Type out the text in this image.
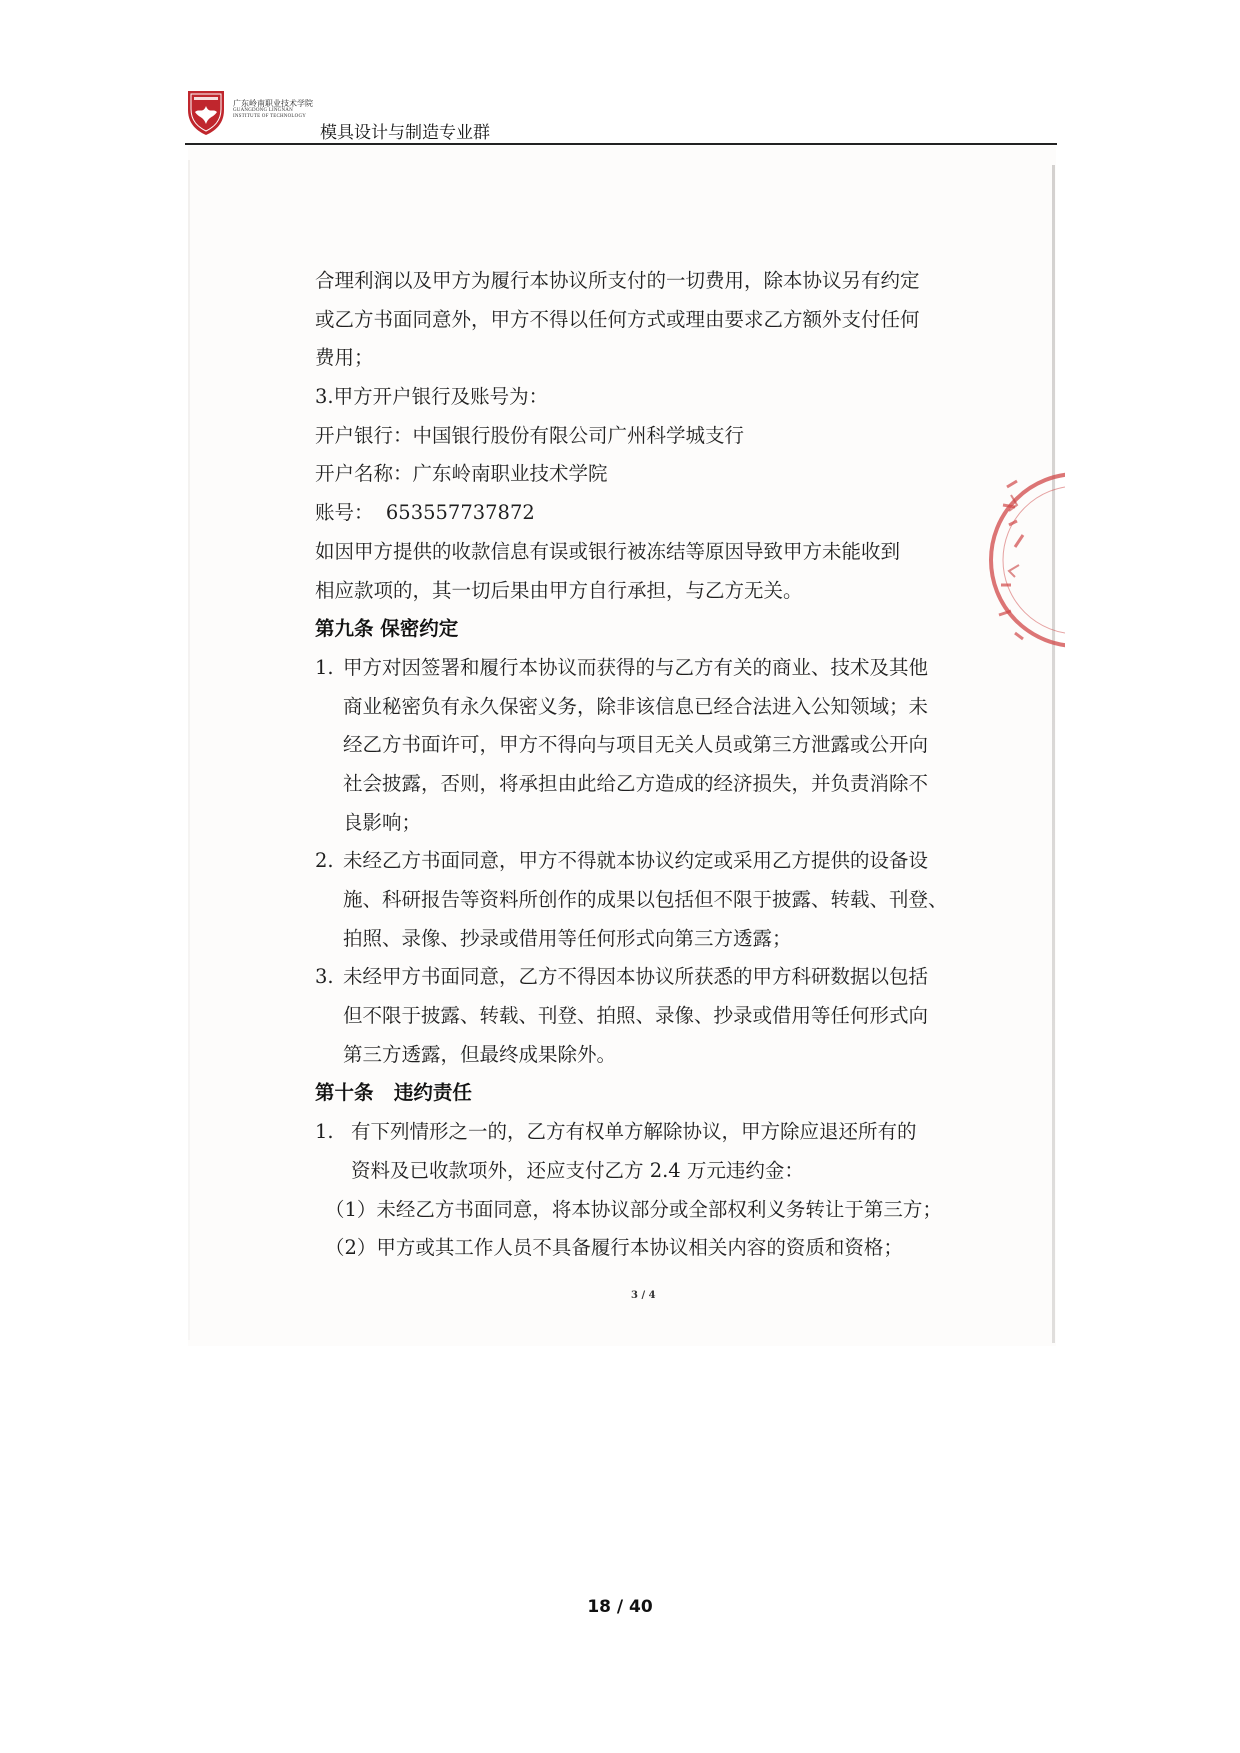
广东岭南职业技术学院
GUANGDONG LINGNAN
INSTITUTE OF TECHNOLOGY
模具设计与制造专业群
合理利润以及甲方为履行本协议所支付的一切费用，除本协议另有约定
或乙方书面同意外，甲方不得以任何方式或理由要求乙方额外支付任何
费用；
3.甲方开户银行及账号为：
开户银行：中国银行股份有限公司广州科学城支行
开户名称：广东岭南职业技术学院
账号：  653557737872
如因甲方提供的收款信息有误或银行被冻结等原因导致甲方未能收到
相应款项的，其一切后果由甲方自行承担，与乙方无关。
第九条 保密约定
1. 甲方对因签署和履行本协议而获得的与乙方有关的商业、技术及其他
商业秘密负有永久保密义务，除非该信息已经合法进入公知领域；未
经乙方书面许可，甲方不得向与项目无关人员或第三方泄露或公开向
社会披露，否则，将承担由此给乙方造成的经济损失，并负责消除不
良影响；
2. 未经乙方书面同意，甲方不得就本协议约定或采用乙方提供的设备设
施、科研报告等资料所创作的成果以包括但不限于披露、转载、刊登、
拍照、录像、抄录或借用等任何形式向第三方透露；
3. 未经甲方书面同意，乙方不得因本协议所获悉的甲方科研数据以包括
但不限于披露、转载、刊登、拍照、录像、抄录或借用等任何形式向
第三方透露，但最终成果除外。
第十条   违约责任
1. 有下列情形之一的，乙方有权单方解除协议，甲方除应退还所有的
资料及已收款项外，还应支付乙方 2.4 万元违约金：
（1）未经乙方书面同意，将本协议部分或全部权利义务转让于第三方；
（2）甲方或其工作人员不具备履行本协议相关内容的资质和资格；
3 / 4
18 / 40
